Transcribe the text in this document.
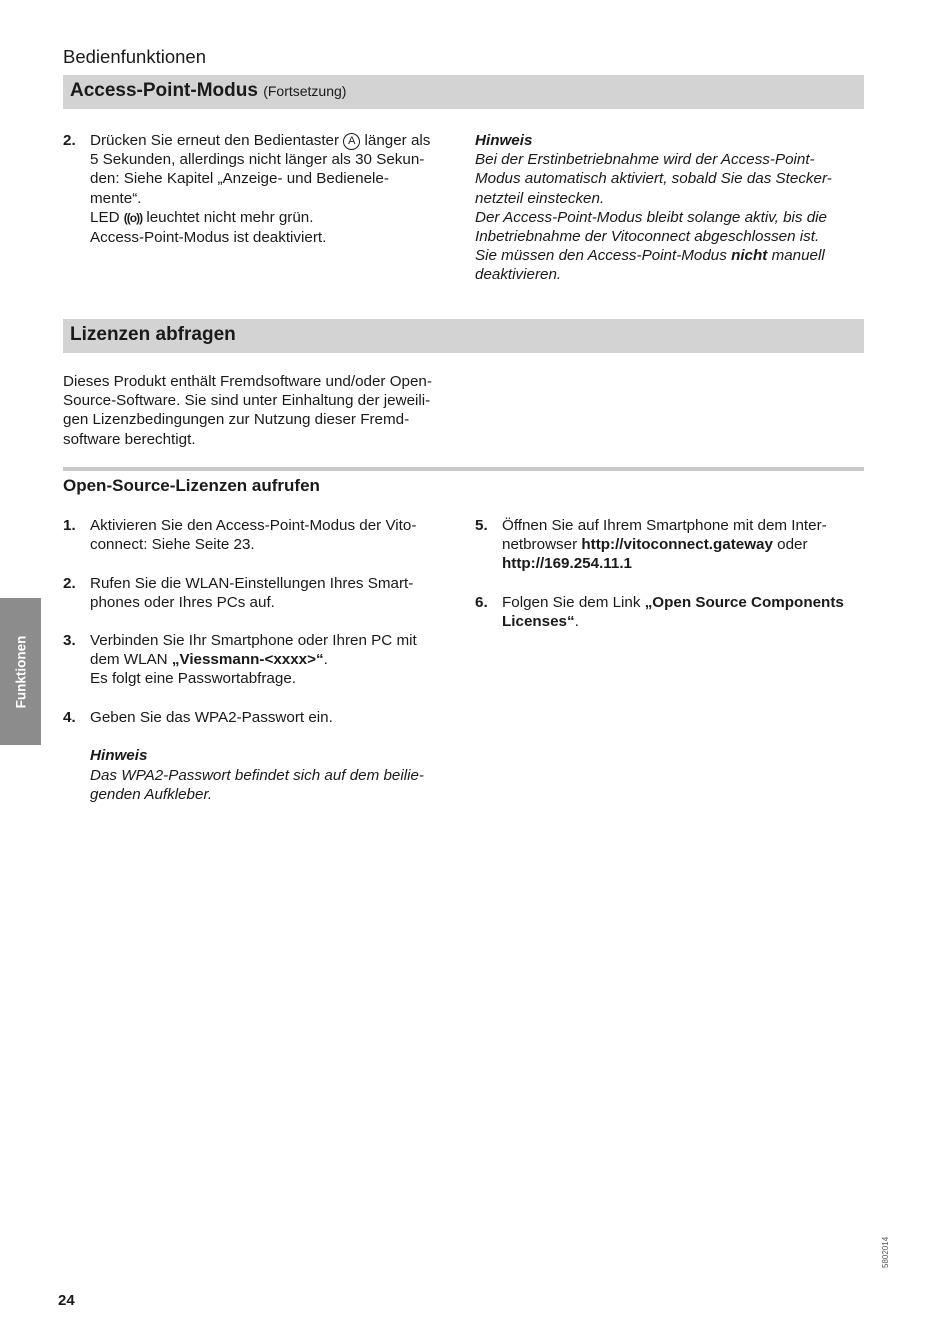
Bedienfunktionen
Access-Point-Modus (Fortsetzung)
2. Drücken Sie erneut den Bedientaster A länger als
5 Sekunden, allerdings nicht länger als 30 Sekun-
den: Siehe Kapitel „Anzeige- und Bedienele-
mente“.
LED ((o)) leuchtet nicht mehr grün.
Access-Point-Modus ist deaktiviert.
Hinweis
Bei der Erstinbetriebnahme wird der Access-Point-
Modus automatisch aktiviert, sobald Sie das Stecker-
netzteil einstecken.
Der Access-Point-Modus bleibt solange aktiv, bis die
Inbetriebnahme der Vitoconnect abgeschlossen ist.
Sie müssen den Access-Point-Modus nicht manuell
deaktivieren.
Lizenzen abfragen
Dieses Produkt enthält Fremdsoftware und/oder Open-
Source-Software. Sie sind unter Einhaltung der jeweili-
gen Lizenzbedingungen zur Nutzung dieser Fremd-
software berechtigt.
Open-Source-Lizenzen aufrufen
1. Aktivieren Sie den Access-Point-Modus der Vito-
connect: Siehe Seite 23.
2. Rufen Sie die WLAN-Einstellungen Ihres Smart-
phones oder Ihres PCs auf.
3. Verbinden Sie Ihr Smartphone oder Ihren PC mit
dem WLAN „Viessmann-<xxxx>“.
Es folgt eine Passwortabfrage.
4. Geben Sie das WPA2-Passwort ein.
Hinweis
Das WPA2-Passwort befindet sich auf dem beilie-
genden Aufkleber.
5. Öffnen Sie auf Ihrem Smartphone mit dem Inter-
netbrowser http://vitoconnect.gateway oder
http://169.254.11.1
6. Folgen Sie dem Link „Open Source Components
Licenses“.
Funktionen
24
5802014
